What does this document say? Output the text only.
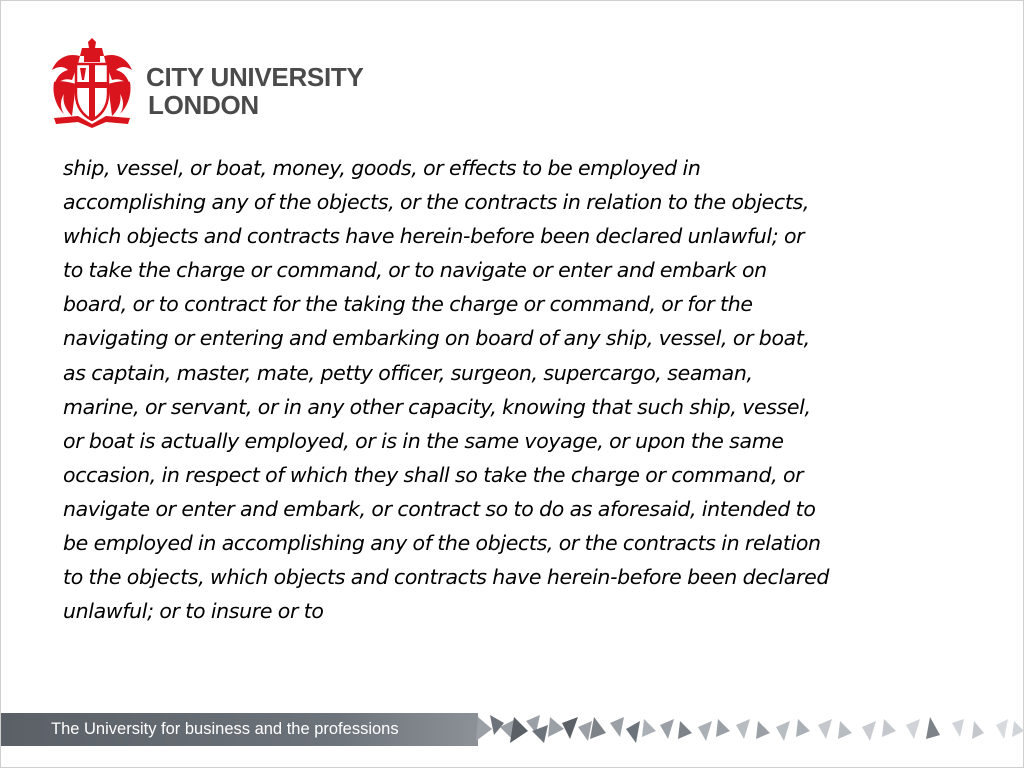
CITY UNIVERSITY
LONDON
ship, vessel, or boat, money, goods, or effects to be employed in
accomplishing any of the objects, or the contracts in relation to the objects,
which objects and contracts have herein-before been declared unlawful; or
to take the charge or command, or to navigate or enter and embark on
board, or to contract for the taking the charge or command, or for the
navigating or entering and embarking on board of any ship, vessel, or boat,
as captain, master, mate, petty officer, surgeon, supercargo, seaman,
marine, or servant, or in any other capacity, knowing that such ship, vessel,
or boat is actually employed, or is in the same voyage, or upon the same
occasion, in respect of which they shall so take the charge or command, or
navigate or enter and embark, or contract so to do as aforesaid, intended to
be employed in accomplishing any of the objects, or the contracts in relation
to the objects, which objects and contracts have herein-before been declared
unlawful; or to insure or to
The University for business and the professions
